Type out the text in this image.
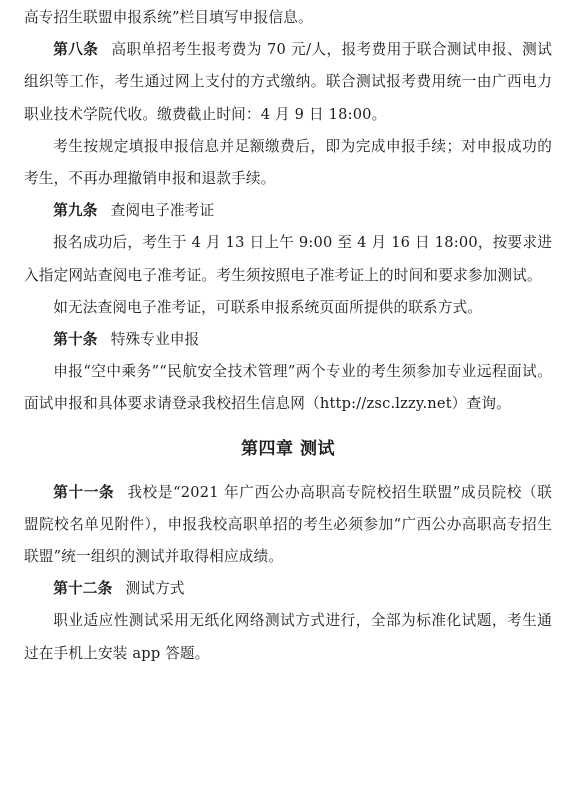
高专招生联盟申报系统”栏目填写申报信息。

第八条 高职单招考生报考费为 70 元/人，报考费用于联合测试申报、测试组织等工作，考生通过网上支付的方式缴纳。联合测试报考费用统一由广西电力职业技术学院代收。缴费截止时间：4 月 9 日 18:00。

考生按规定填报申报信息并足额缴费后，即为完成申报手续；对申报成功的考生，不再办理撤销申报和退款手续。

第九条 查阅电子准考证

报名成功后，考生于 4 月 13 日上午 9:00 至 4 月 16 日 18:00，按要求进入指定网站查阅电子准考证。考生须按照电子准考证上的时间和要求参加测试。

如无法查阅电子准考证，可联系申报系统页面所提供的联系方式。

第十条 特殊专业申报

申报“空中乘务”“民航安全技术管理”两个专业的考生须参加专业远程面试。面试申报和具体要求请登录我校招生信息网（http://zsc.lzzy.net）查询。

第四章 测试

第十一条 我校是“2021 年广西公办高职高专院校招生联盟”成员院校（联盟院校名单见附件），申报我校高职单招的考生必须参加“广西公办高职高专招生联盟”统一组织的测试并取得相应成绩。

第十二条 测试方式

职业适应性测试采用无纸化网络测试方式进行，全部为标准化试题，考生通过在手机上安装 app 答题。
